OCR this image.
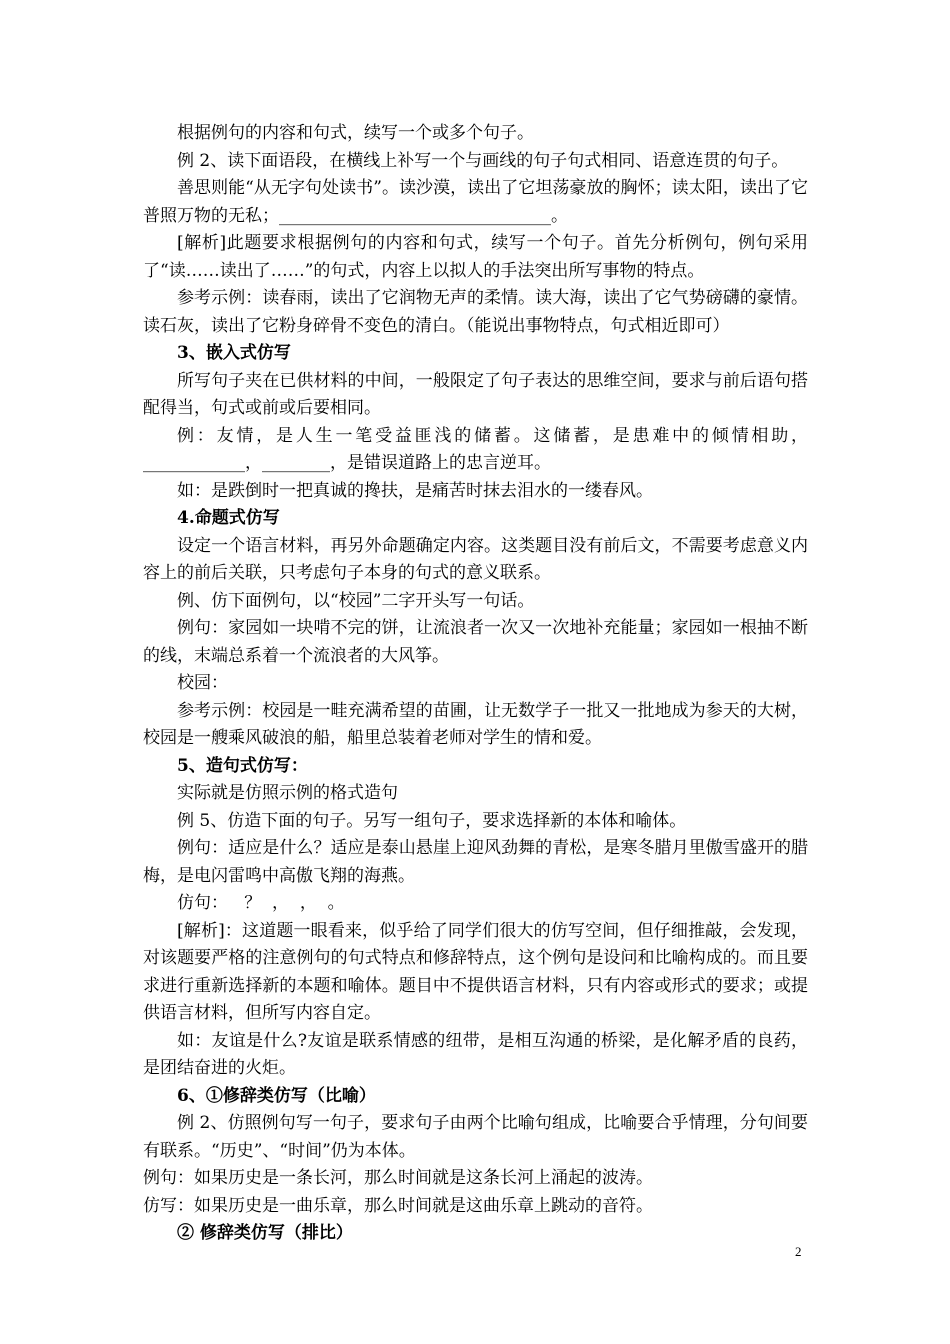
根据例句的内容和句式，续写一个或多个句子。

例 2、读下面语段，在横线上补写一个与画线的句子句式相同、语意连贯的句子。

善思则能“从无字句处读书”。读沙漠，读出了它坦荡豪放的胸怀；读太阳，读出了它普照万物的无私；________________________________。

[解析]此题要求根据例句的内容和句式，续写一个句子。首先分析例句，例句采用了“读……读出了……”的句式，内容上以拟人的手法突出所写事物的特点。

参考示例：读春雨，读出了它润物无声的柔情。读大海，读出了它气势磅礴的豪情。读石灰，读出了它粉身碎骨不变色的清白。（能说出事物特点，句式相近即可）

3、嵌入式仿写

所写句子夹在已供材料的中间，一般限定了句子表达的思维空间，要求与前后语句搭配得当，句式或前或后要相同。

例：友情，是人生一笔受益匪浅的储蓄。这储蓄，是患难中的倾情相助，____________，________，是错误道路上的忠言逆耳。

如：是跌倒时一把真诚的搀扶，是痛苦时抹去泪水的一缕春风。

4.命题式仿写

设定一个语言材料，再另外命题确定内容。这类题目没有前后文，不需要考虑意义内容上的前后关联，只考虑句子本身的句式的意义联系。

例、仿下面例句，以“校园”二字开头写一句话。

例句：家园如一块啃不完的饼，让流浪者一次又一次地补充能量；家园如一根抽不断的线，末端总系着一个流浪者的大风筝。

校园：

参考示例：校园是一畦充满希望的苗圃，让无数学子一批又一批地成为参天的大树，校园是一艘乘风破浪的船，船里总装着老师对学生的情和爱。

5、造句式仿写：

实际就是仿照示例的格式造句

例 5、仿造下面的句子。另写一组句子，要求选择新的本体和喻体。

例句：适应是什么？适应是泰山悬崖上迎风劲舞的青松，是寒冬腊月里傲雪盛开的腊梅，是电闪雷鸣中高傲飞翔的海燕。

仿句：   ？  ，  ，  。

[解析]：这道题一眼看来，似乎给了同学们很大的仿写空间，但仔细推敲，会发现，对该题要严格的注意例句的句式特点和修辞特点，这个例句是设问和比喻构成的。而且要求进行重新选择新的本题和喻体。题目中不提供语言材料，只有内容或形式的要求；或提供语言材料，但所写内容自定。

如：友谊是什么?友谊是联系情感的纽带，是相互沟通的桥梁，是化解矛盾的良药，是团结奋进的火炬。

6、①修辞类仿写（比喻）

例 2、仿照例句写一句子，要求句子由两个比喻句组成，比喻要合乎情理，分句间要有联系。“历史”、“时间”仍为本体。

例句：如果历史是一条长河，那么时间就是这条长河上涌起的波涛。

仿写：如果历史是一曲乐章，那么时间就是这曲乐章上跳动的音符。

② 修辞类仿写（排比）

2
